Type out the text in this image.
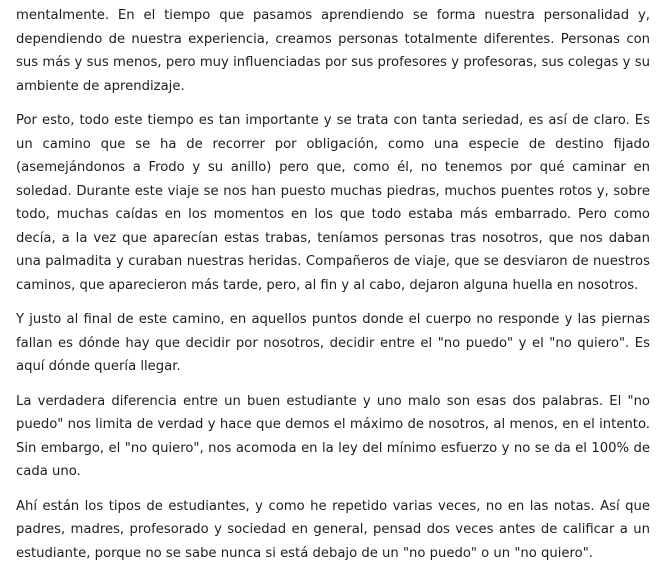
mentalmente. En el tiempo que pasamos aprendiendo se forma nuestra personalidad y, dependiendo de nuestra experiencia, creamos personas totalmente diferentes. Personas con sus más y sus menos, pero muy influenciadas por sus profesores y profesoras, sus colegas y su ambiente de aprendizaje.

Por esto, todo este tiempo es tan importante y se trata con tanta seriedad, es así de claro. Es un camino que se ha de recorrer por obligación, como una especie de destino fijado (asemejándonos a Frodo y su anillo) pero que, como él, no tenemos por qué caminar en soledad. Durante este viaje se nos han puesto muchas piedras, muchos puentes rotos y, sobre todo, muchas caídas en los momentos en los que todo estaba más embarrado. Pero como decía, a la vez que aparecían estas trabas, teníamos personas tras nosotros, que nos daban una palmadita y curaban nuestras heridas. Compañeros de viaje, que se desviaron de nuestros caminos, que aparecieron más tarde, pero, al fin y al cabo, dejaron alguna huella en nosotros.

Y justo al final de este camino, en aquellos puntos donde el cuerpo no responde y las piernas fallan es dónde hay que decidir por nosotros, decidir entre el "no puedo" y el "no quiero". Es aquí dónde quería llegar.

La verdadera diferencia entre un buen estudiante y uno malo son esas dos palabras. El "no puedo" nos limita de verdad y hace que demos el máximo de nosotros, al menos, en el intento. Sin embargo, el "no quiero", nos acomoda en la ley del mínimo esfuerzo y no se da el 100% de cada uno.

Ahí están los tipos de estudiantes, y como he repetido varias veces, no en las notas. Así que padres, madres, profesorado y sociedad en general, pensad dos veces antes de calificar a un estudiante, porque no se sabe nunca si está debajo de un "no puedo" o un "no quiero".
